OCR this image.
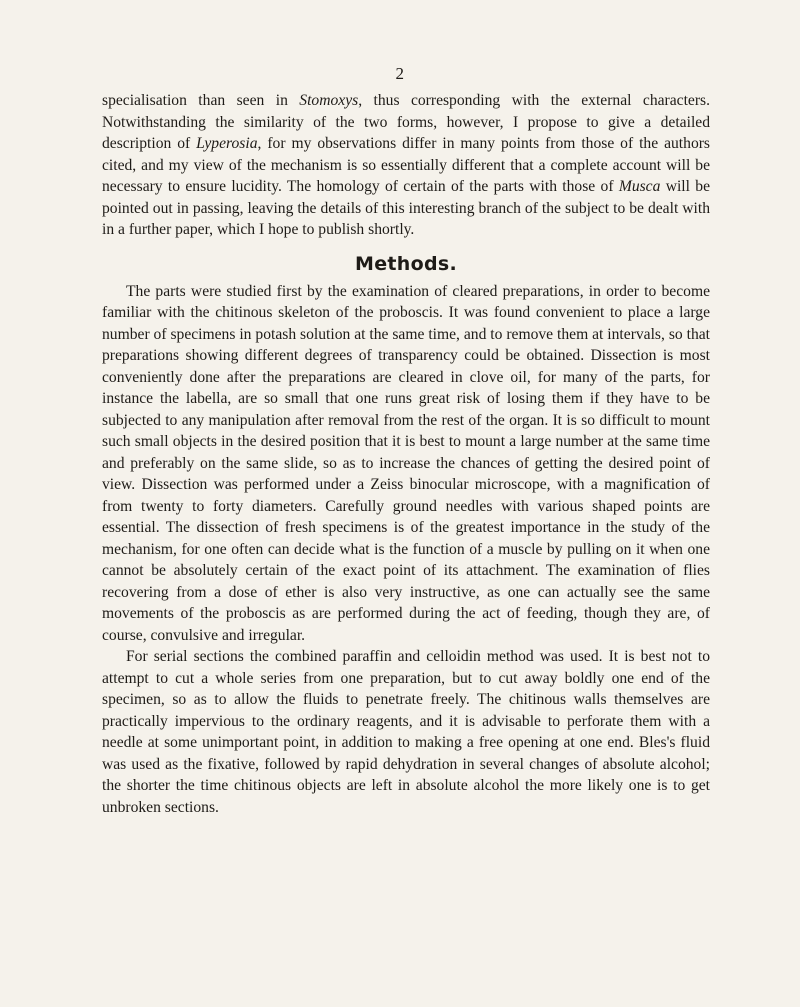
2

specialisation than seen in Stomoxys, thus corresponding with the external characters. Notwithstanding the similarity of the two forms, however, I propose to give a detailed description of Lyperosia, for my observations differ in many points from those of the authors cited, and my view of the mechanism is so essentially different that a complete account will be necessary to ensure lucidity. The homology of certain of the parts with those of Musca will be pointed out in passing, leaving the details of this interesting branch of the subject to be dealt with in a further paper, which I hope to publish shortly.

Methods.

The parts were studied first by the examination of cleared preparations, in order to become familiar with the chitinous skeleton of the proboscis. It was found convenient to place a large number of specimens in potash solution at the same time, and to remove them at intervals, so that preparations showing different degrees of transparency could be obtained. Dissection is most conveniently done after the preparations are cleared in clove oil, for many of the parts, for instance the labella, are so small that one runs great risk of losing them if they have to be subjected to any manipulation after removal from the rest of the organ. It is so difficult to mount such small objects in the desired position that it is best to mount a large number at the same time and preferably on the same slide, so as to increase the chances of getting the desired point of view. Dissection was performed under a Zeiss binocular microscope, with a magnification of from twenty to forty diameters. Carefully ground needles with various shaped points are essential. The dissection of fresh specimens is of the greatest importance in the study of the mechanism, for one often can decide what is the function of a muscle by pulling on it when one cannot be absolutely certain of the exact point of its attachment. The examination of flies recovering from a dose of ether is also very instructive, as one can actually see the same movements of the proboscis as are performed during the act of feeding, though they are, of course, convulsive and irregular.

For serial sections the combined paraffin and celloidin method was used. It is best not to attempt to cut a whole series from one preparation, but to cut away boldly one end of the specimen, so as to allow the fluids to penetrate freely. The chitinous walls themselves are practically impervious to the ordinary reagents, and it is advisable to perforate them with a needle at some unimportant point, in addition to making a free opening at one end. Bles's fluid was used as the fixative, followed by rapid dehydration in several changes of absolute alcohol; the shorter the time chitinous objects are left in absolute alcohol the more likely one is to get unbroken sections.
